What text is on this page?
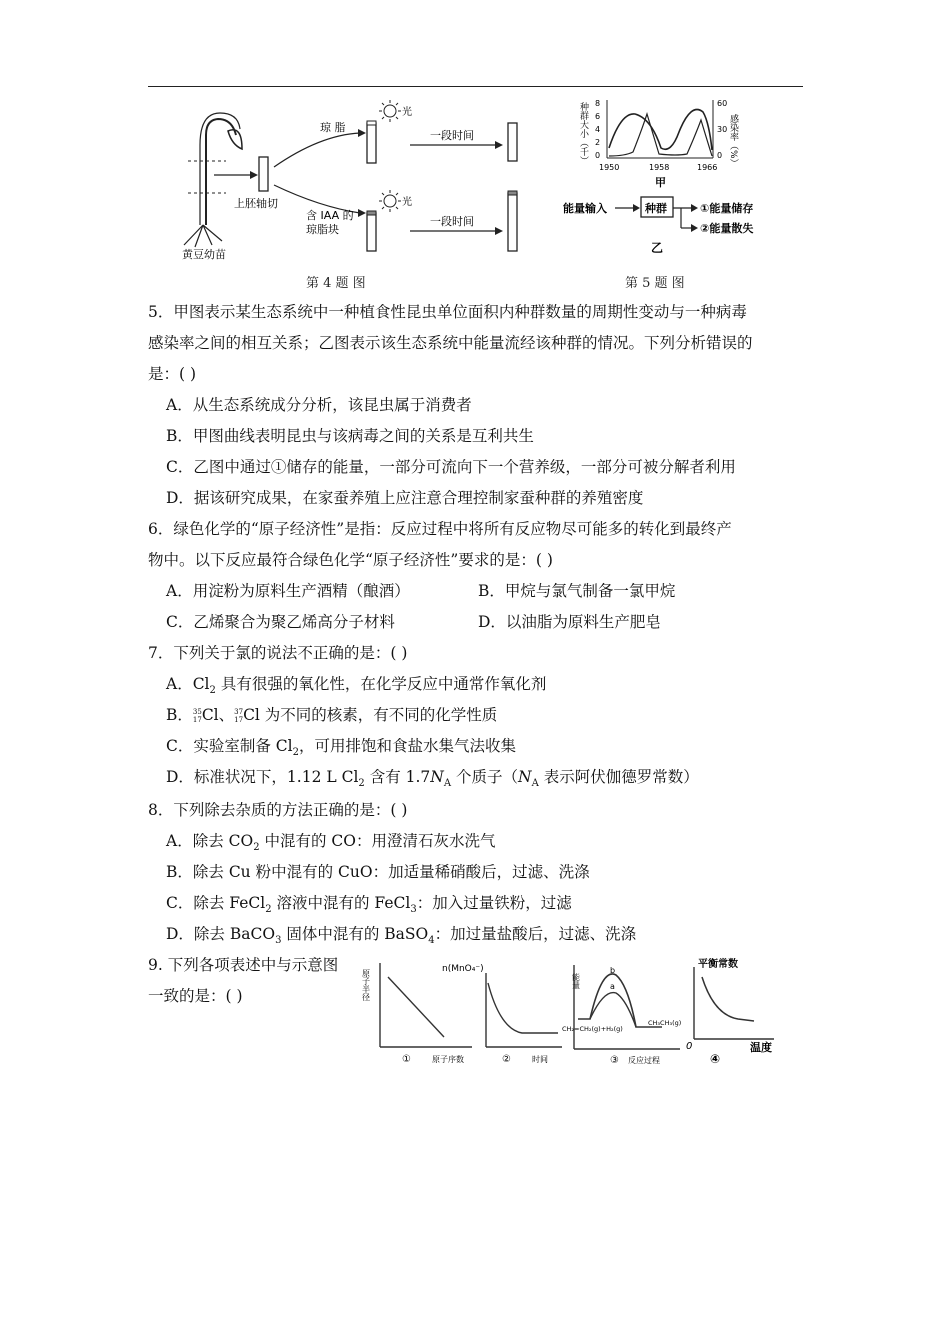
黄豆幼苗
上胚轴切
琼 脂
光
一段时间
含 IAA 的
琼脂块
光
一段时间
第 4 题 图
种群大小（千） 8
6
4
2
0
60
30
0 感染率（%）
1950	1958	1966
甲
能量输入	种群	①能量储存
②能量散失
乙
第 5 题 图
5．甲图表示某生态系统中一种植食性昆虫单位面积内种群数量的周期性变动与一种病毒
感染率之间的相互关系；乙图表示该生态系统中能量流经该种群的情况。下列分析错误的
是：( )
A．从生态系统成分分析，该昆虫属于消费者
B．甲图曲线表明昆虫与该病毒之间的关系是互利共生
C．乙图中通过①储存的能量，一部分可流向下一个营养级，一部分可被分解者利用
D．据该研究成果，在家蚕养殖上应注意合理控制家蚕种群的养殖密度
6．绿色化学的“原子经济性”是指：反应过程中将所有反应物尽可能多的转化到最终产
物中。以下反应最符合绿色化学“原子经济性”要求的是：( )
A．用淀粉为原料生产酒精（酿酒）	B．甲烷与氯气制备一氯甲烷
C．乙烯聚合为聚乙烯高分子材料	D．以油脂为原料生产肥皂
7．下列关于氯的说法不正确的是：( )
A．$Cl_2$ 具有很强的氧化性，在化学反应中通常作氧化剂
B．35
17Cl、37
17Cl 为不同的核素，有不同的化学性质
C．实验室制备 $Cl_2$，可用排饱和食盐水集气法收集
D．标准状况下，1.12 L $Cl_2$ 含有 $1.7N_A$ 个质子（$N_A$ 表示阿伏伽德罗常数）
8．下列除去杂质的方法正确的是：( )
A．除去 $CO_2$ 中混有的 CO：用澄清石灰水洗气
B．除去 Cu 粉中混有的 CuO：加适量稀硝酸后，过滤、洗涤
C．除去 FeCl$_2$ 溶液中混有的 FeCl$_3$：加入过量铁粉，过滤
D．除去 BaCO$_3$ 固体中混有的 BaSO$_4$：加过量盐酸后，过滤、洗涤
9. 下列各项表述中与示意图
一致的是：( )	原子半径
①	原子序数
n(MnO₄⁻)
②	时间
能量
b
a
CH₂=CH₂(g)+H₂(g)
CH₃CH₃(g)
③ 反应过程
平衡常数
0	温度
④
